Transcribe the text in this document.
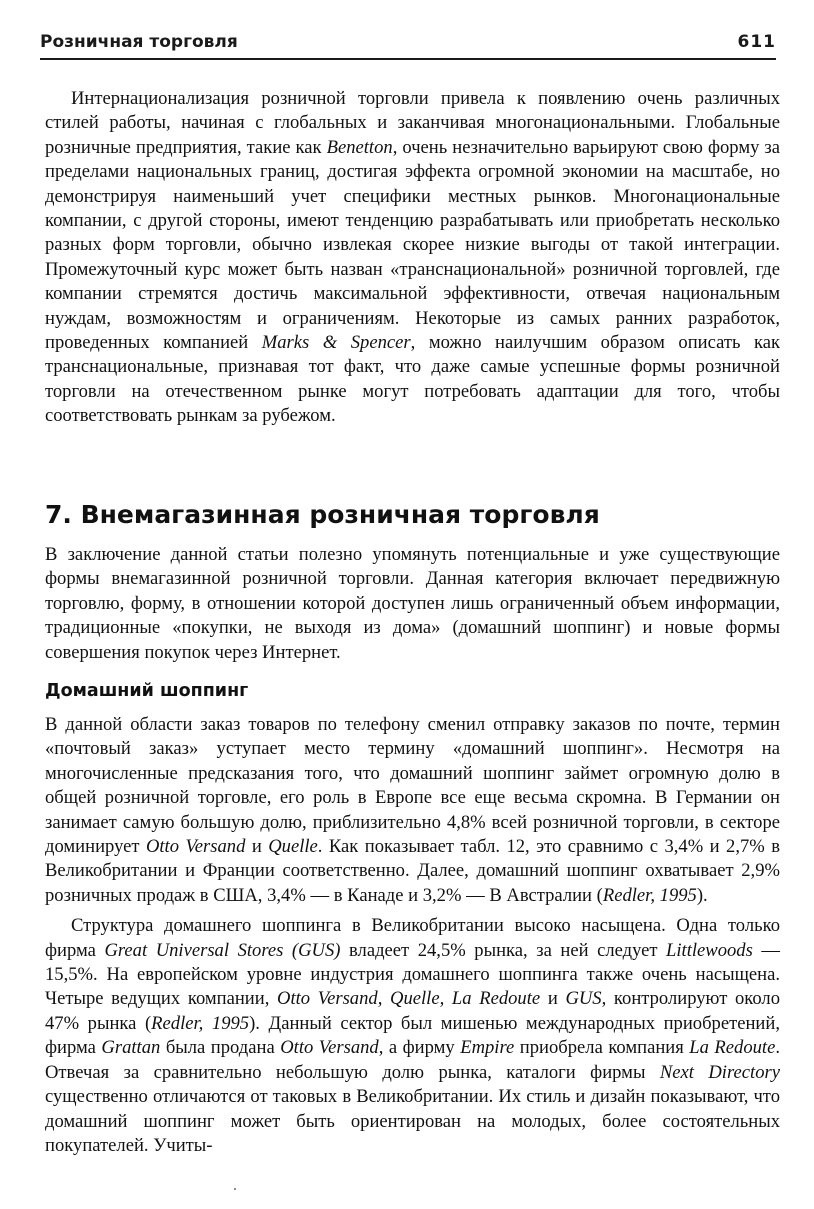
Розничная торговля	611

Интернационализация розничной торговли привела к появлению очень различных стилей работы, начиная с глобальных и заканчивая многонациональными. Глобальные розничные предприятия, такие как Benetton, очень незначительно варьируют свою форму за пределами национальных границ, достигая эффекта огромной экономии на масштабе, но демонстрируя наименьший учет специфики местных рынков. Многонациональные компании, с другой стороны, имеют тенденцию разрабатывать или приобретать несколько разных форм торговли, обычно извлекая скорее низкие выгоды от такой интеграции. Промежуточный курс может быть назван «транснациональной» розничной торговлей, где компании стремятся достичь максимальной эффективности, отвечая национальным нуждам, возможностям и ограничениям. Некоторые из самых ранних разработок, проведенных компанией Marks & Spencer, можно наилучшим образом описать как транснациональные, признавая тот факт, что даже самые успешные формы розничной торговли на отечественном рынке могут потребовать адаптации для того, чтобы соответствовать рынкам за рубежом.

7. Внемагазинная розничная торговля

В заключение данной статьи полезно упомянуть потенциальные и уже существующие формы внемагазинной розничной торговли. Данная категория включает передвижную торговлю, форму, в отношении которой доступен лишь ограниченный объем информации, традиционные «покупки, не выходя из дома» (домашний шоппинг) и новые формы совершения покупок через Интернет.

Домашний шоппинг

В данной области заказ товаров по телефону сменил отправку заказов по почте, термин «почтовый заказ» уступает место термину «домашний шоппинг». Несмотря на многочисленные предсказания того, что домашний шоппинг займет огромную долю в общей розничной торговле, его роль в Европе все еще весьма скромна. В Германии он занимает самую большую долю, приблизительно 4,8% всей розничной торговли, в секторе доминирует Otto Versand и Quelle. Как показывает табл. 12, это сравнимо с 3,4% и 2,7% в Великобритании и Франции соответственно. Далее, домашний шоппинг охватывает 2,9% розничных продаж в США, 3,4% — в Канаде и 3,2% — В Австралии (Redler, 1995).

Структура домашнего шоппинга в Великобритании высоко насыщена. Одна только фирма Great Universal Stores (GUS) владеет 24,5% рынка, за ней следует Littlewoods — 15,5%. На европейском уровне индустрия домашнего шоппинга также очень насыщена. Четыре ведущих компании, Otto Versand, Quelle, La Redoute и GUS, контролируют около 47% рынка (Redler, 1995). Данный сектор был мишенью международных приобретений, фирма Grattan была продана Otto Versand, а фирму Empire приобрела компания La Redoute. Отвечая за сравнительно небольшую долю рынка, каталоги фирмы Next Directory существенно отличаются от таковых в Великобритании. Их стиль и дизайн показывают, что домашний шоппинг может быть ориентирован на молодых, более состоятельных покупателей. Учиты-
